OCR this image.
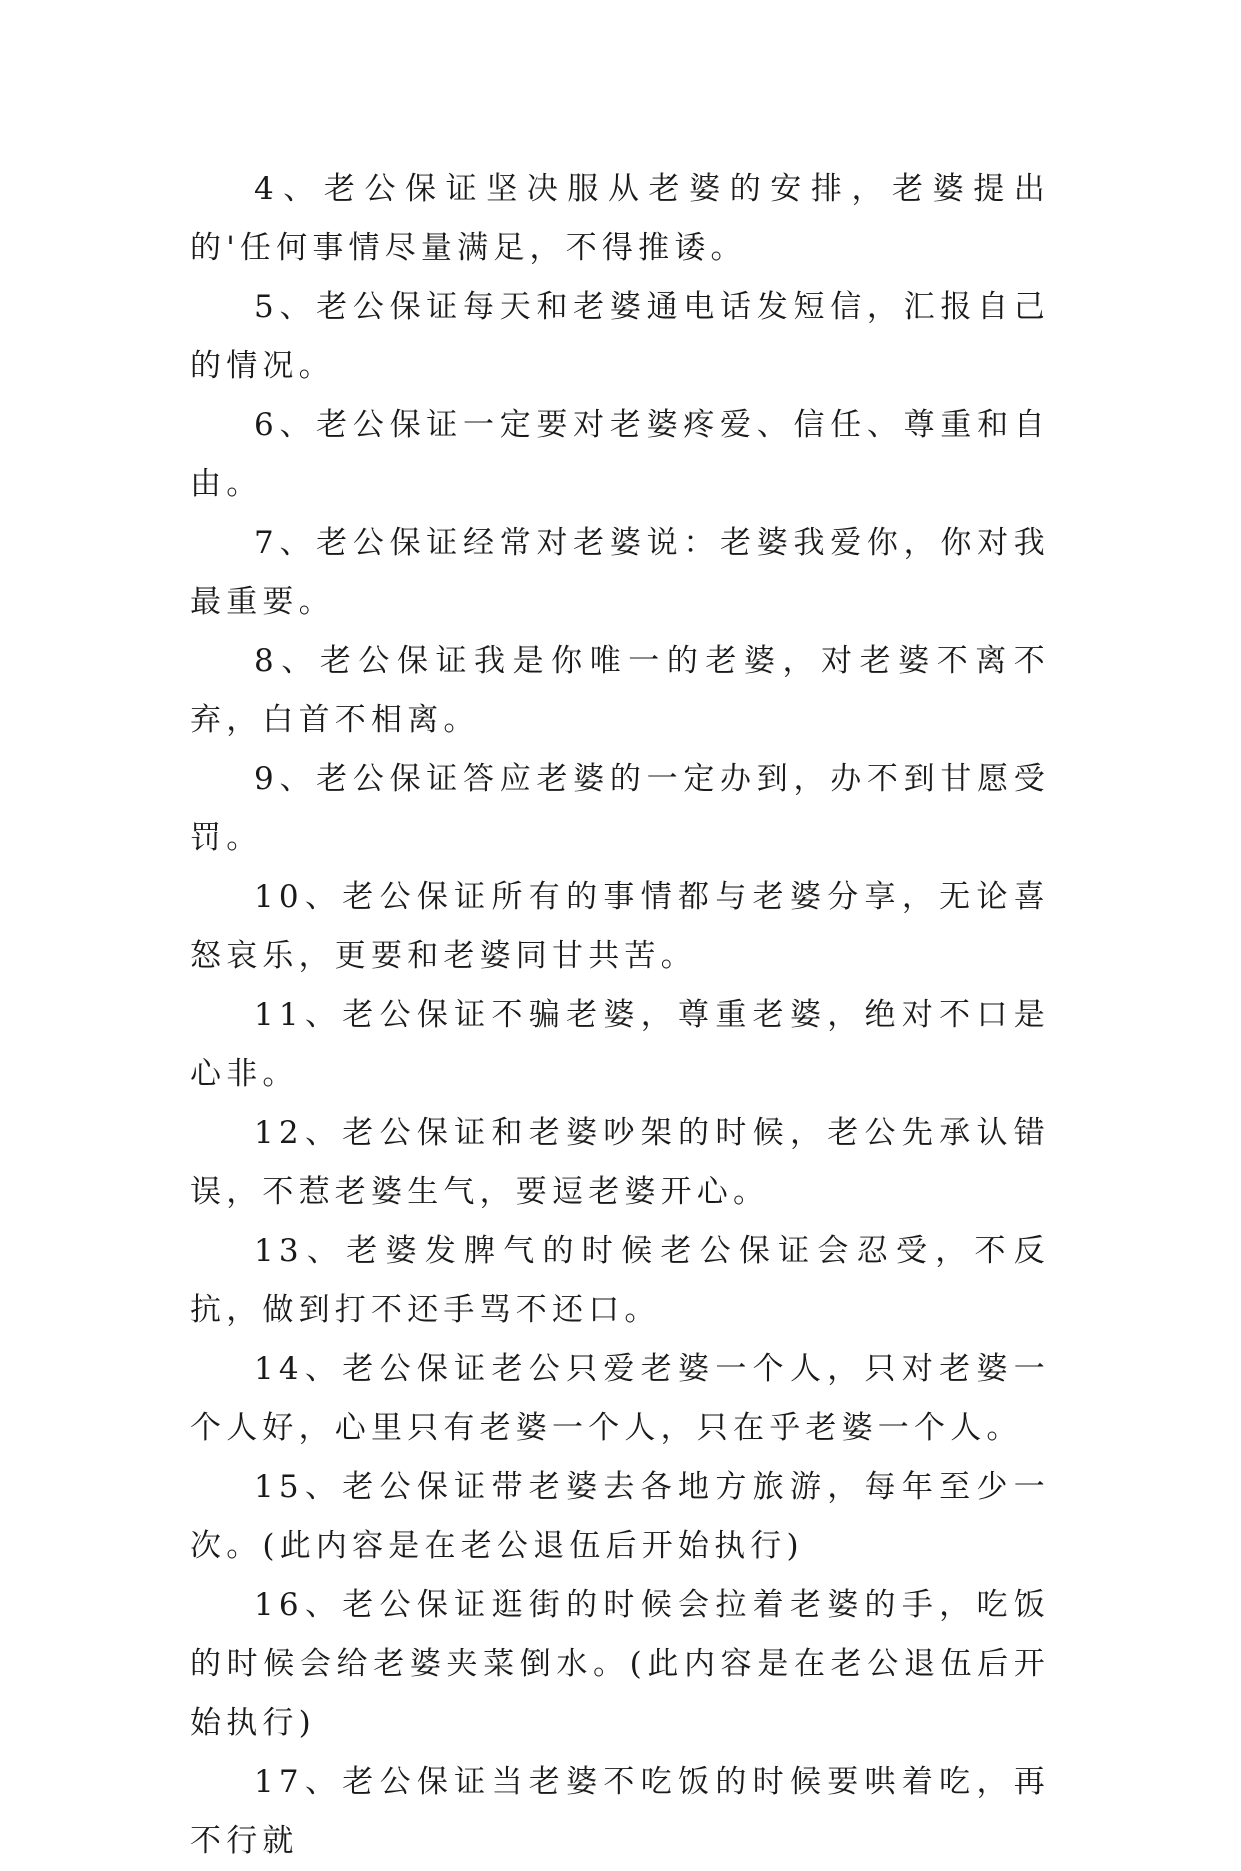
4、老公保证坚决服从老婆的安排，老婆提出的'任何事情尽量满足，不得推诿。

5、老公保证每天和老婆通电话发短信，汇报自己的情况。

6、老公保证一定要对老婆疼爱、信任、尊重和自由。

7、老公保证经常对老婆说：老婆我爱你，你对我最重要。

8、老公保证我是你唯一的老婆，对老婆不离不弃，白首不相离。

9、老公保证答应老婆的一定办到，办不到甘愿受罚。

10、老公保证所有的事情都与老婆分享，无论喜怒哀乐，更要和老婆同甘共苦。

11、老公保证不骗老婆，尊重老婆，绝对不口是心非。

12、老公保证和老婆吵架的时候，老公先承认错误，不惹老婆生气，要逗老婆开心。

13、老婆发脾气的时候老公保证会忍受，不反抗，做到打不还手骂不还口。

14、老公保证老公只爱老婆一个人，只对老婆一个人好，心里只有老婆一个人，只在乎老婆一个人。

15、老公保证带老婆去各地方旅游，每年至少一次。(此内容是在老公退伍后开始执行)

16、老公保证逛街的时候会拉着老婆的手，吃饭的时候会给老婆夹菜倒水。(此内容是在老公退伍后开始执行)

17、老公保证当老婆不吃饭的时候要哄着吃，再不行就
